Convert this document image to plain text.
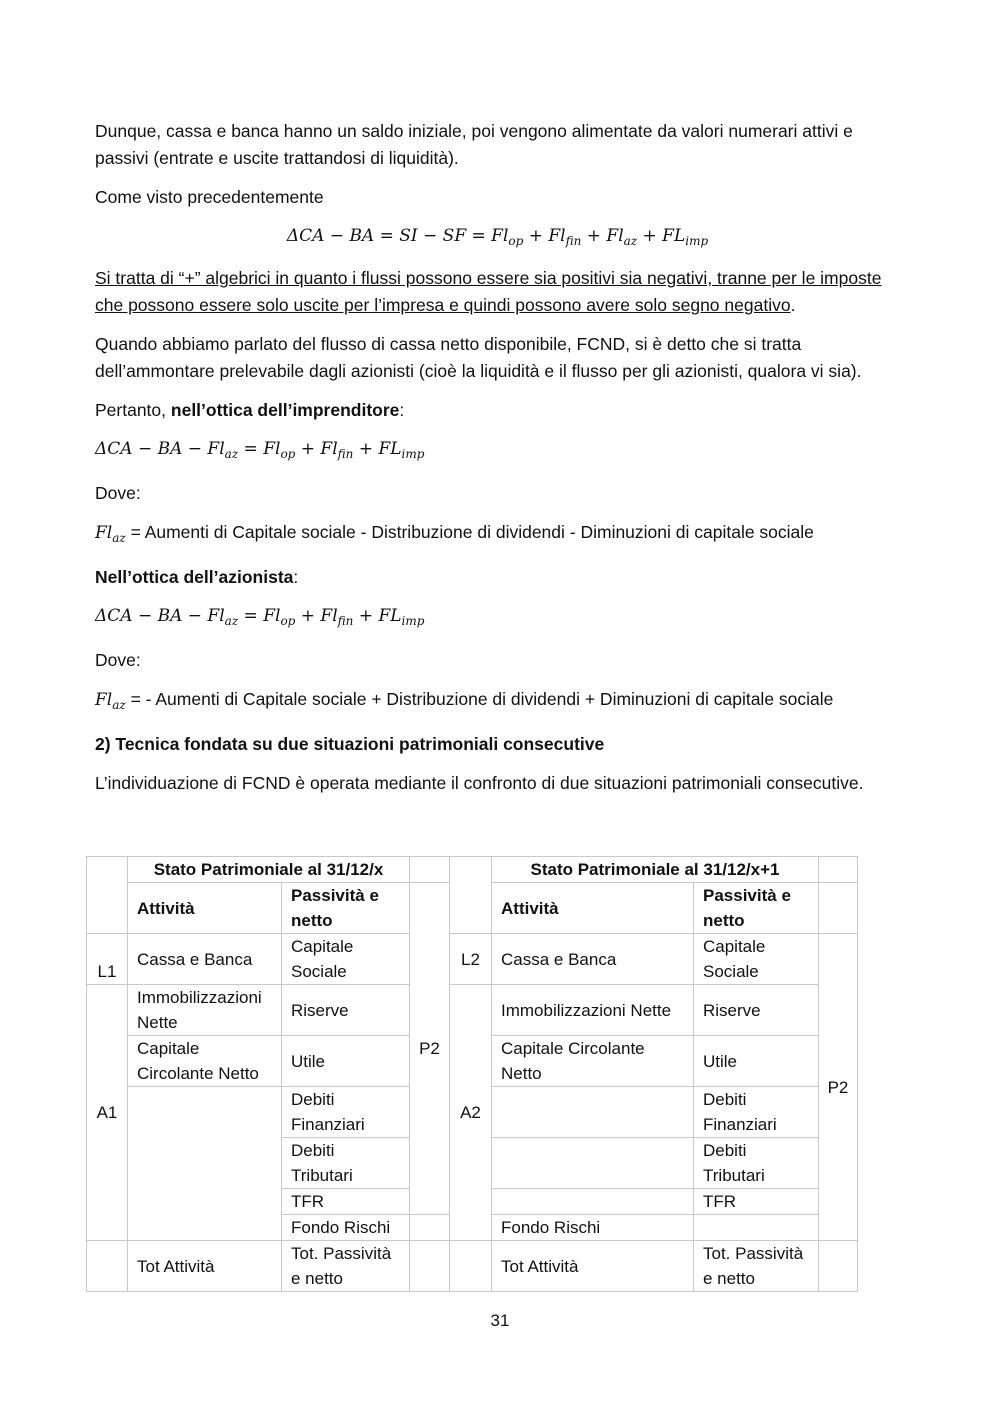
Dunque, cassa e banca hanno un saldo iniziale, poi vengono alimentate da valori numerari attivi e passivi (entrate e uscite trattandosi di liquidità).

Come visto precedentemente

ΔCA − BA = SI − SF = $Fl_{op} + Fl_{fin} + Fl_{az} + FL_{imp}$

Si tratta di “+” algebrici in quanto i flussi possono essere sia positivi sia negativi, tranne per le imposte che possono essere solo uscite per l’impresa e quindi possono avere solo segno negativo.

Quando abbiamo parlato del flusso di cassa netto disponibile, FCND, si è detto che si tratta dell’ammontare prelevabile dagli azionisti (cioè la liquidità e il flusso per gli azionisti, qualora vi sia).

Pertanto, nell’ottica dell’imprenditore:

ΔCA − BA − $Fl_{az} = Fl_{op} + Fl_{fin} + FL_{imp}$

Dove:

$Fl_{az}$ = Aumenti di Capitale sociale - Distribuzione di dividendi - Diminuzioni di capitale sociale

Nell’ottica dell’azionista:

ΔCA − BA − $Fl_{az} = Fl_{op} + Fl_{fin} + FL_{imp}$

Dove:

$Fl_{az}$ = - Aumenti di Capitale sociale + Distribuzione di dividendi + Diminuzioni di capitale sociale

2) Tecnica fondata su due situazioni patrimoniali consecutive

L’individuazione di FCND è operata mediante il confronto di due situazioni patrimoniali consecutive.

	Stato Patrimoniale al 31/12/x				Stato Patrimoniale al 31/12/x+1		
	Attività	Passività e netto	P2		Attività	Passività e netto	
L1	Cassa e Banca	Capitale Sociale		L2	Cassa e Banca	Capitale Sociale	P2
A1	Immobilizzazioni Nette	Riserve		A2	Immobilizzazioni Nette	Riserve	
	Capitale Circolante Netto	Utile			Capitale Circolante Netto	Utile	
		Debiti Finanziari				Debiti Finanziari	
		Debiti Tributari				Debiti Tributari	
		TFR				TFR	
		Fondo Rischi			Fondo Rischi		
	Tot Attività	Tot. Passività e netto			Tot Attività	Tot. Passività e netto	
31
